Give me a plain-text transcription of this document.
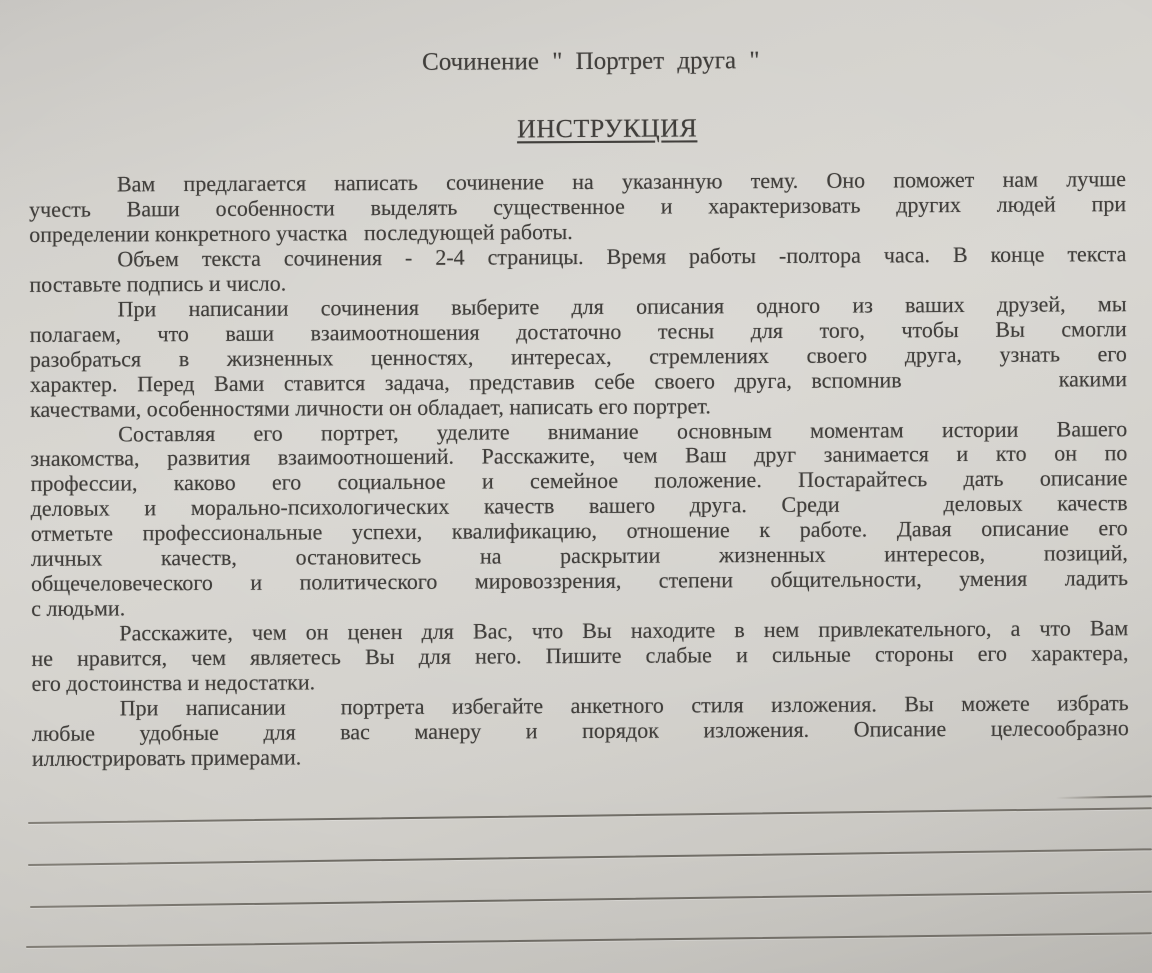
Сочинение " Портрет друга "
ИНСТРУКЦИЯ
Вам предлагается написать сочинение на указанную тему. Оно поможет нам лучше
учесть Ваши особенности выделять существенное и характеризовать других людей при
определении конкретного участка   последующей работы.
Объем текста сочинения - 2-4 страницы. Время работы -полтора часа. В конце текста
поставьте подпись и число.
При написании сочинения выберите для описания одного из ваших друзей, мы
полагаем, что ваши взаимоотношения достаточно тесны для того, чтобы Вы смогли
разобраться в жизненных ценностях, интересах, стремлениях своего друга, узнать его
характер. Перед Вами ставится задача, представив себе своего друга, вспомнив        какими
качествами, особенностями личности он обладает, написать его портрет.
Составляя его портрет, уделите внимание основным моментам истории Вашего
знакомства, развития взаимоотношений. Расскажите, чем Ваш друг занимается и кто он по
профессии, каково его социальное и семейное положение. Постарайтесь дать описание
деловых и морально-психологических качеств вашего друга. Среди   деловых качеств
отметьте профессиональные успехи, квалификацию, отношение к работе. Давая описание его
личных качеств, остановитесь на раскрытии жизненных интересов, позиций,
общечеловеческого и политического мировоззрения, степени общительности, умения ладить
с людьми.
Расскажите, чем он ценен для Вас, что Вы находите в нем привлекательного, а что Вам
не нравится, чем являетесь Вы для него. Пишите слабые и сильные стороны его характера,
его достоинства и недостатки.
При написании  портрета избегайте анкетного стиля изложения. Вы можете избрать
любые удобные для вас манеру и порядок изложения. Описание целесообразно
иллюстрировать примерами.
